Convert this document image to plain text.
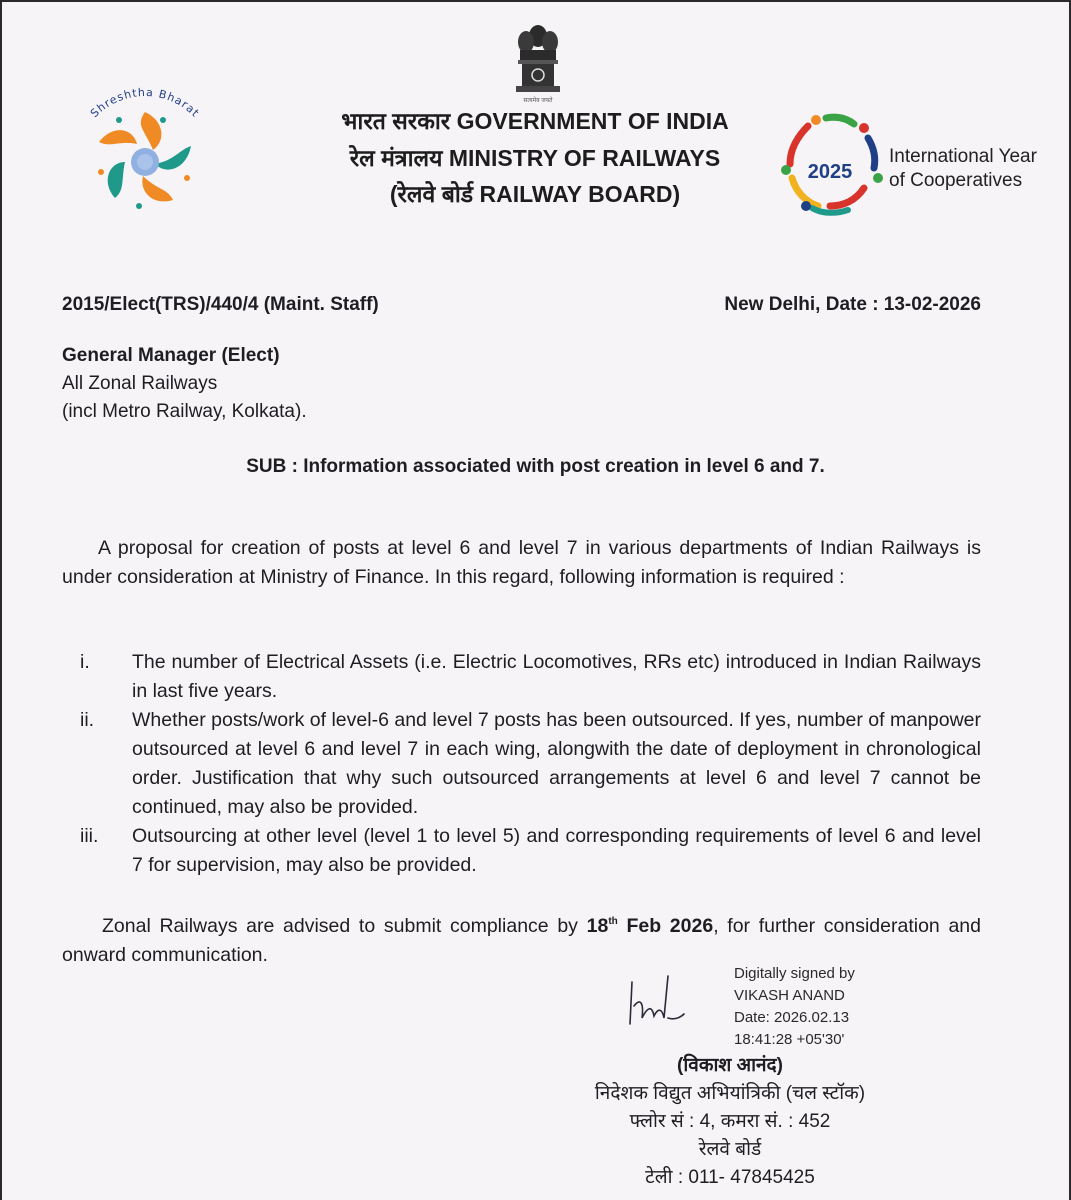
सत्यमेव जयते
Shreshtha Bharat	भारत सरकार GOVERNMENT OF INDIA
रेल मंत्रालय MINISTRY OF RAILWAYS
(रेलवे बोर्ड RAILWAY BOARD)
2025
International Year
of Cooperatives
2015/Elect(TRS)/440/4 (Maint. Staff)	New Delhi, Date : 13-02-2026
General Manager (Elect)
All Zonal Railways
(incl Metro Railway, Kolkata).
SUB : Information associated with post creation in level 6 and 7.

A proposal for creation of posts at level 6 and level 7 in various departments of Indian Railways is under consideration at Ministry of Finance. In this regard, following information is required :

i.	The number of Electrical Assets (i.e. Electric Locomotives, RRs etc) introduced in Indian Railways in last five years.
ii.	Whether posts/work of level-6 and level 7 posts has been outsourced. If yes, number of manpower outsourced at level 6 and level 7 in each wing, alongwith the date of deployment in chronological order. Justification that why such outsourced arrangements at level 6 and level 7 cannot be continued, may also be provided.
iii.	Outsourcing at other level (level 1 to level 5) and corresponding requirements of level 6 and level 7 for supervision, may also be provided.

Zonal Railways are advised to submit compliance by 18th Feb 2026, for further consideration and onward communication.

Digitally signed by
VIKASH ANAND
Date: 2026.02.13
18:41:28 +05'30'
(विकाश आनंद)
निदेशक विद्युत अभियांत्रिकी (चल स्टॉक)
फ्लोर सं : 4, कमरा सं. : 452
रेलवे बोर्ड
टेली : 011- 47845425
